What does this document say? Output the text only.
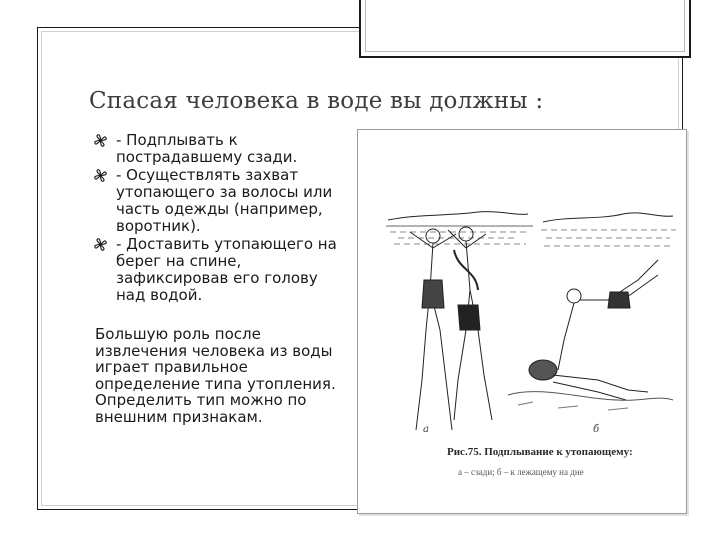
Спасая человека в воде вы должны :
- Подплывать к пострадавшему сзади.
- Осуществлять захват утопающего за волосы или часть одежды (например, воротник).
- Доставить утопающего на берег на спине, зафиксировав его голову над водой.

Большую роль после извлечения человека из воды играет правильное определение типа утопления. Определить тип можно по внешним признакам.

а	б
Рис.75. Подплывание к утопающему:
а – сзади; б – к лежащему на дне
